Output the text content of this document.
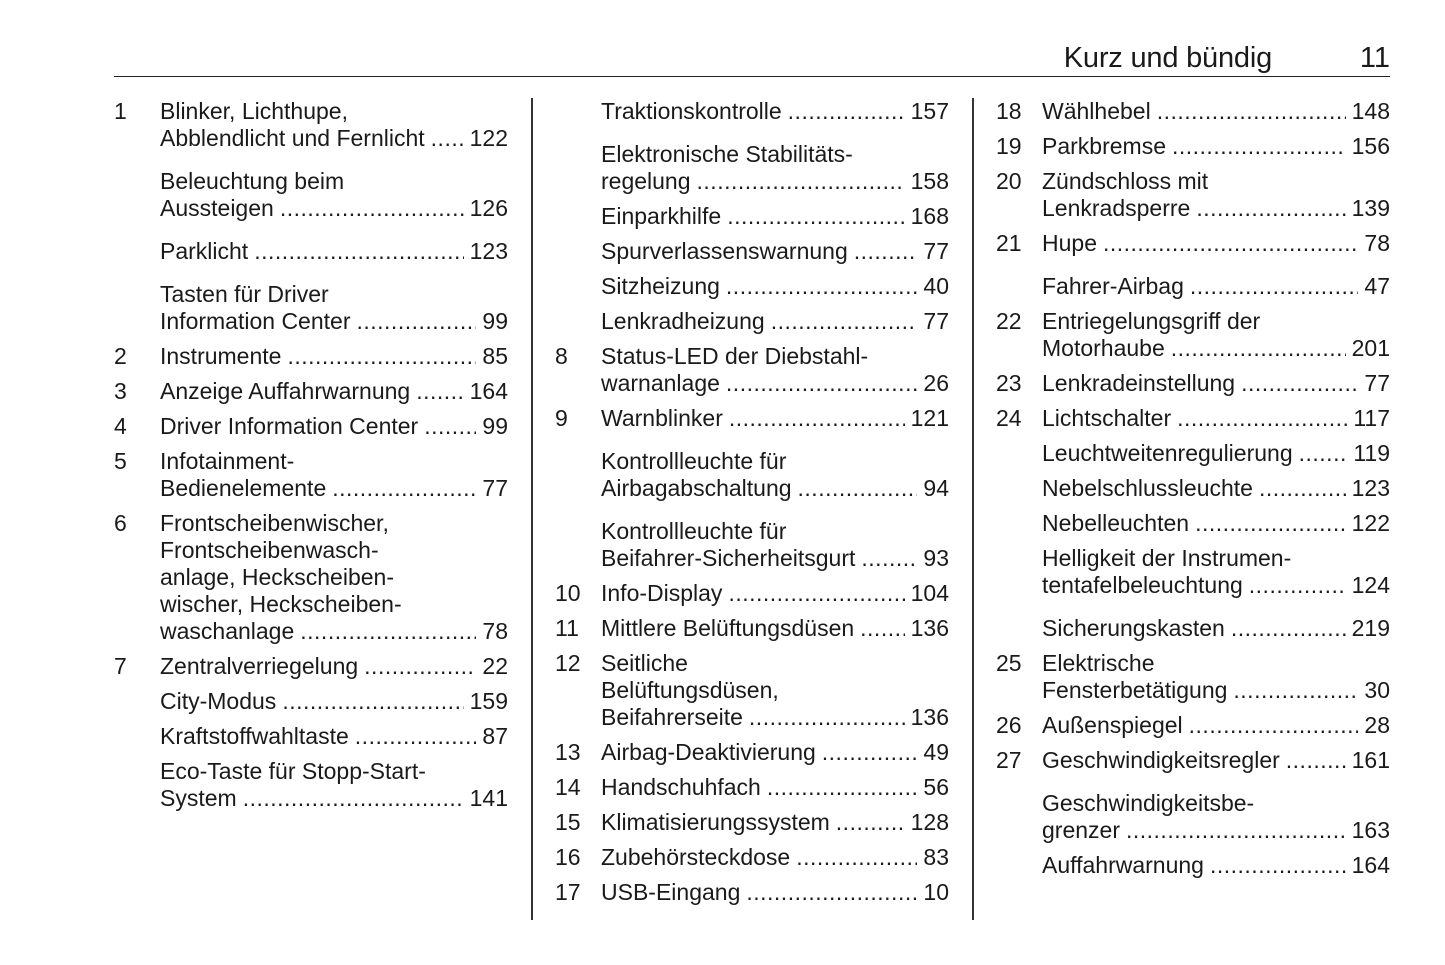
Kurz und bündig	11
1	Blinker, Lichthupe,
Abblendlicht und Fernlicht ..... 122
Beleuchtung beim
Aussteigen .....	126
Parklicht .....	123
Tasten für Driver
Information Center .....	99
2	Instrumente .....	85
3	Anzeige Auffahrwarnung .....	164
4	Driver Information Center .....	99
5	Infotainment-
Bedienelemente .....	77
6	Frontscheibenwischer,
Frontscheibenwasch-
anlage, Heckscheiben-
wischer, Heckscheiben-
waschanlage .....	78
7	Zentralverriegelung .....	22
City-Modus .....	159
Kraftstoffwahltaste .....	87
Eco-Taste für Stopp-Start-
System .....	141
Traktionskontrolle .....	157
Elektronische Stabilitäts-
regelung .....	158
Einparkhilfe .....	168
Spurverlassenswarnung .....	77
Sitzheizung .....	40
Lenkradheizung .....	77
8	Status-LED der Diebstahl-
warnanlage .....	26
9	Warnblinker .....	121
Kontrollleuchte für
Airbagabschaltung .....	94
Kontrollleuchte für
Beifahrer-Sicherheitsgurt .....	93
10 Info-Display .....	104
11 Mittlere Belüftungsdüsen ..... 136
12 Seitliche
Belüftungsdüsen,
Beifahrerseite .....	136
13 Airbag-Deaktivierung .....	49
14 Handschuhfach .....	56
15 Klimatisierungssystem .....	128
16 Zubehörsteckdose .....	83
17 USB-Eingang .....	10
18 Wählhebel .....	148
19 Parkbremse .....	156
20 Zündschloss mit
Lenkradsperre .....	139
21 Hupe .....	78
Fahrer-Airbag .....	47
22 Entriegelungsgriff der
Motorhaube .....	201
23 Lenkradeinstellung .....	77
24 Lichtschalter .....	117
Leuchtweitenregulierung .....	119
Nebelschlussleuchte .....	123
Nebelleuchten .....	122
Helligkeit der Instrumen-
tentafelbeleuchtung .....	124
Sicherungskasten .....	219
25 Elektrische
Fensterbetätigung .....	30
26 Außenspiegel .....	28
27 Geschwindigkeitsregler .....	161
Geschwindigkeitsbe-
grenzer .....	163
Auffahrwarnung .....	164
